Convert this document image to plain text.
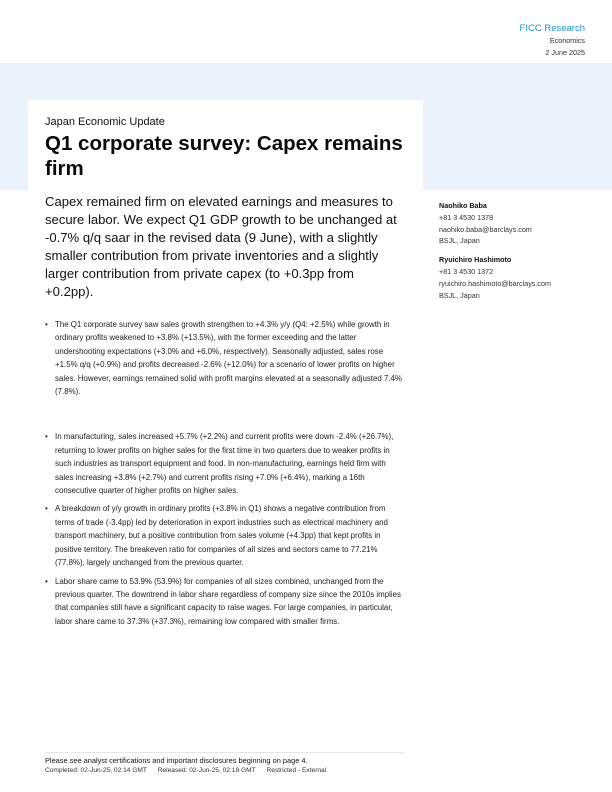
FICC Research
Economics
2 June 2025
Japan Economic Update
Q1 corporate survey: Capex remains firm
Capex remained firm on elevated earnings and measures to secure labor. We expect Q1 GDP growth to be unchanged at -0.7% q/q saar in the revised data (9 June), with a slightly smaller contribution from private inventories and a slightly larger contribution from private capex (to +0.3pp from +0.2pp).
Naohiko Baba
+81 3 4530 1378
naohiko.baba@barclays.com
BSJL, Japan
Ryuichiro Hashimoto
+81 3 4530 1372
ryuichiro.hashimoto@barclays.com
BSJL, Japan
• The Q1 corporate survey saw sales growth strengthen to +4.3% y/y (Q4: +2.5%) while growth in ordinary profits weakened to +3.8% (+13.5%), with the former exceeding and the latter undershooting expectations (+3.0% and +6.0%, respectively). Seasonally adjusted, sales rose +1.5% q/q (+0.9%) and profits decreased -2.6% (+12.0%) for a scenario of lower profits on higher sales. However, earnings remained solid with profit margins elevated at a seasonally adjusted 7.4% (7.8%).
• In manufacturing, sales increased +5.7% (+2.2%) and current profits were down -2.4% (+26.7%), returning to lower profits on higher sales for the first time in two quarters due to weaker profits in such industries as transport equipment and food. In non-manufacturing, earnings held firm with sales increasing +3.8% (+2.7%) and current profits rising +7.0% (+6.4%), marking a 16th consecutive quarter of higher profits on higher sales.
• A breakdown of y/y growth in ordinary profits (+3.8% in Q1) shows a negative contribution from terms of trade (-3.4pp) led by deterioration in export industries such as electrical machinery and transport machinery, but a positive contribution from sales volume (+4.3pp) that kept profits in positive territory. The breakeven ratio for companies of all sizes and sectors came to 77.21% (77.8%), largely unchanged from the previous quarter.
• Labor share came to 53.9% (53.9%) for companies of all sizes combined, unchanged from the previous quarter. The downtrend in labor share regardless of company size since the 2010s implies that companies still have a significant capacity to raise wages. For large companies, in particular, labor share came to 37.3% (+37.3%), remaining low compared with smaller firms.
Please see analyst certifications and important disclosures beginning on page 4.
Completed: 02-Jun-25, 02:14 GMT Released: 02-Jun-25, 02:18 GMT Restricted - External
